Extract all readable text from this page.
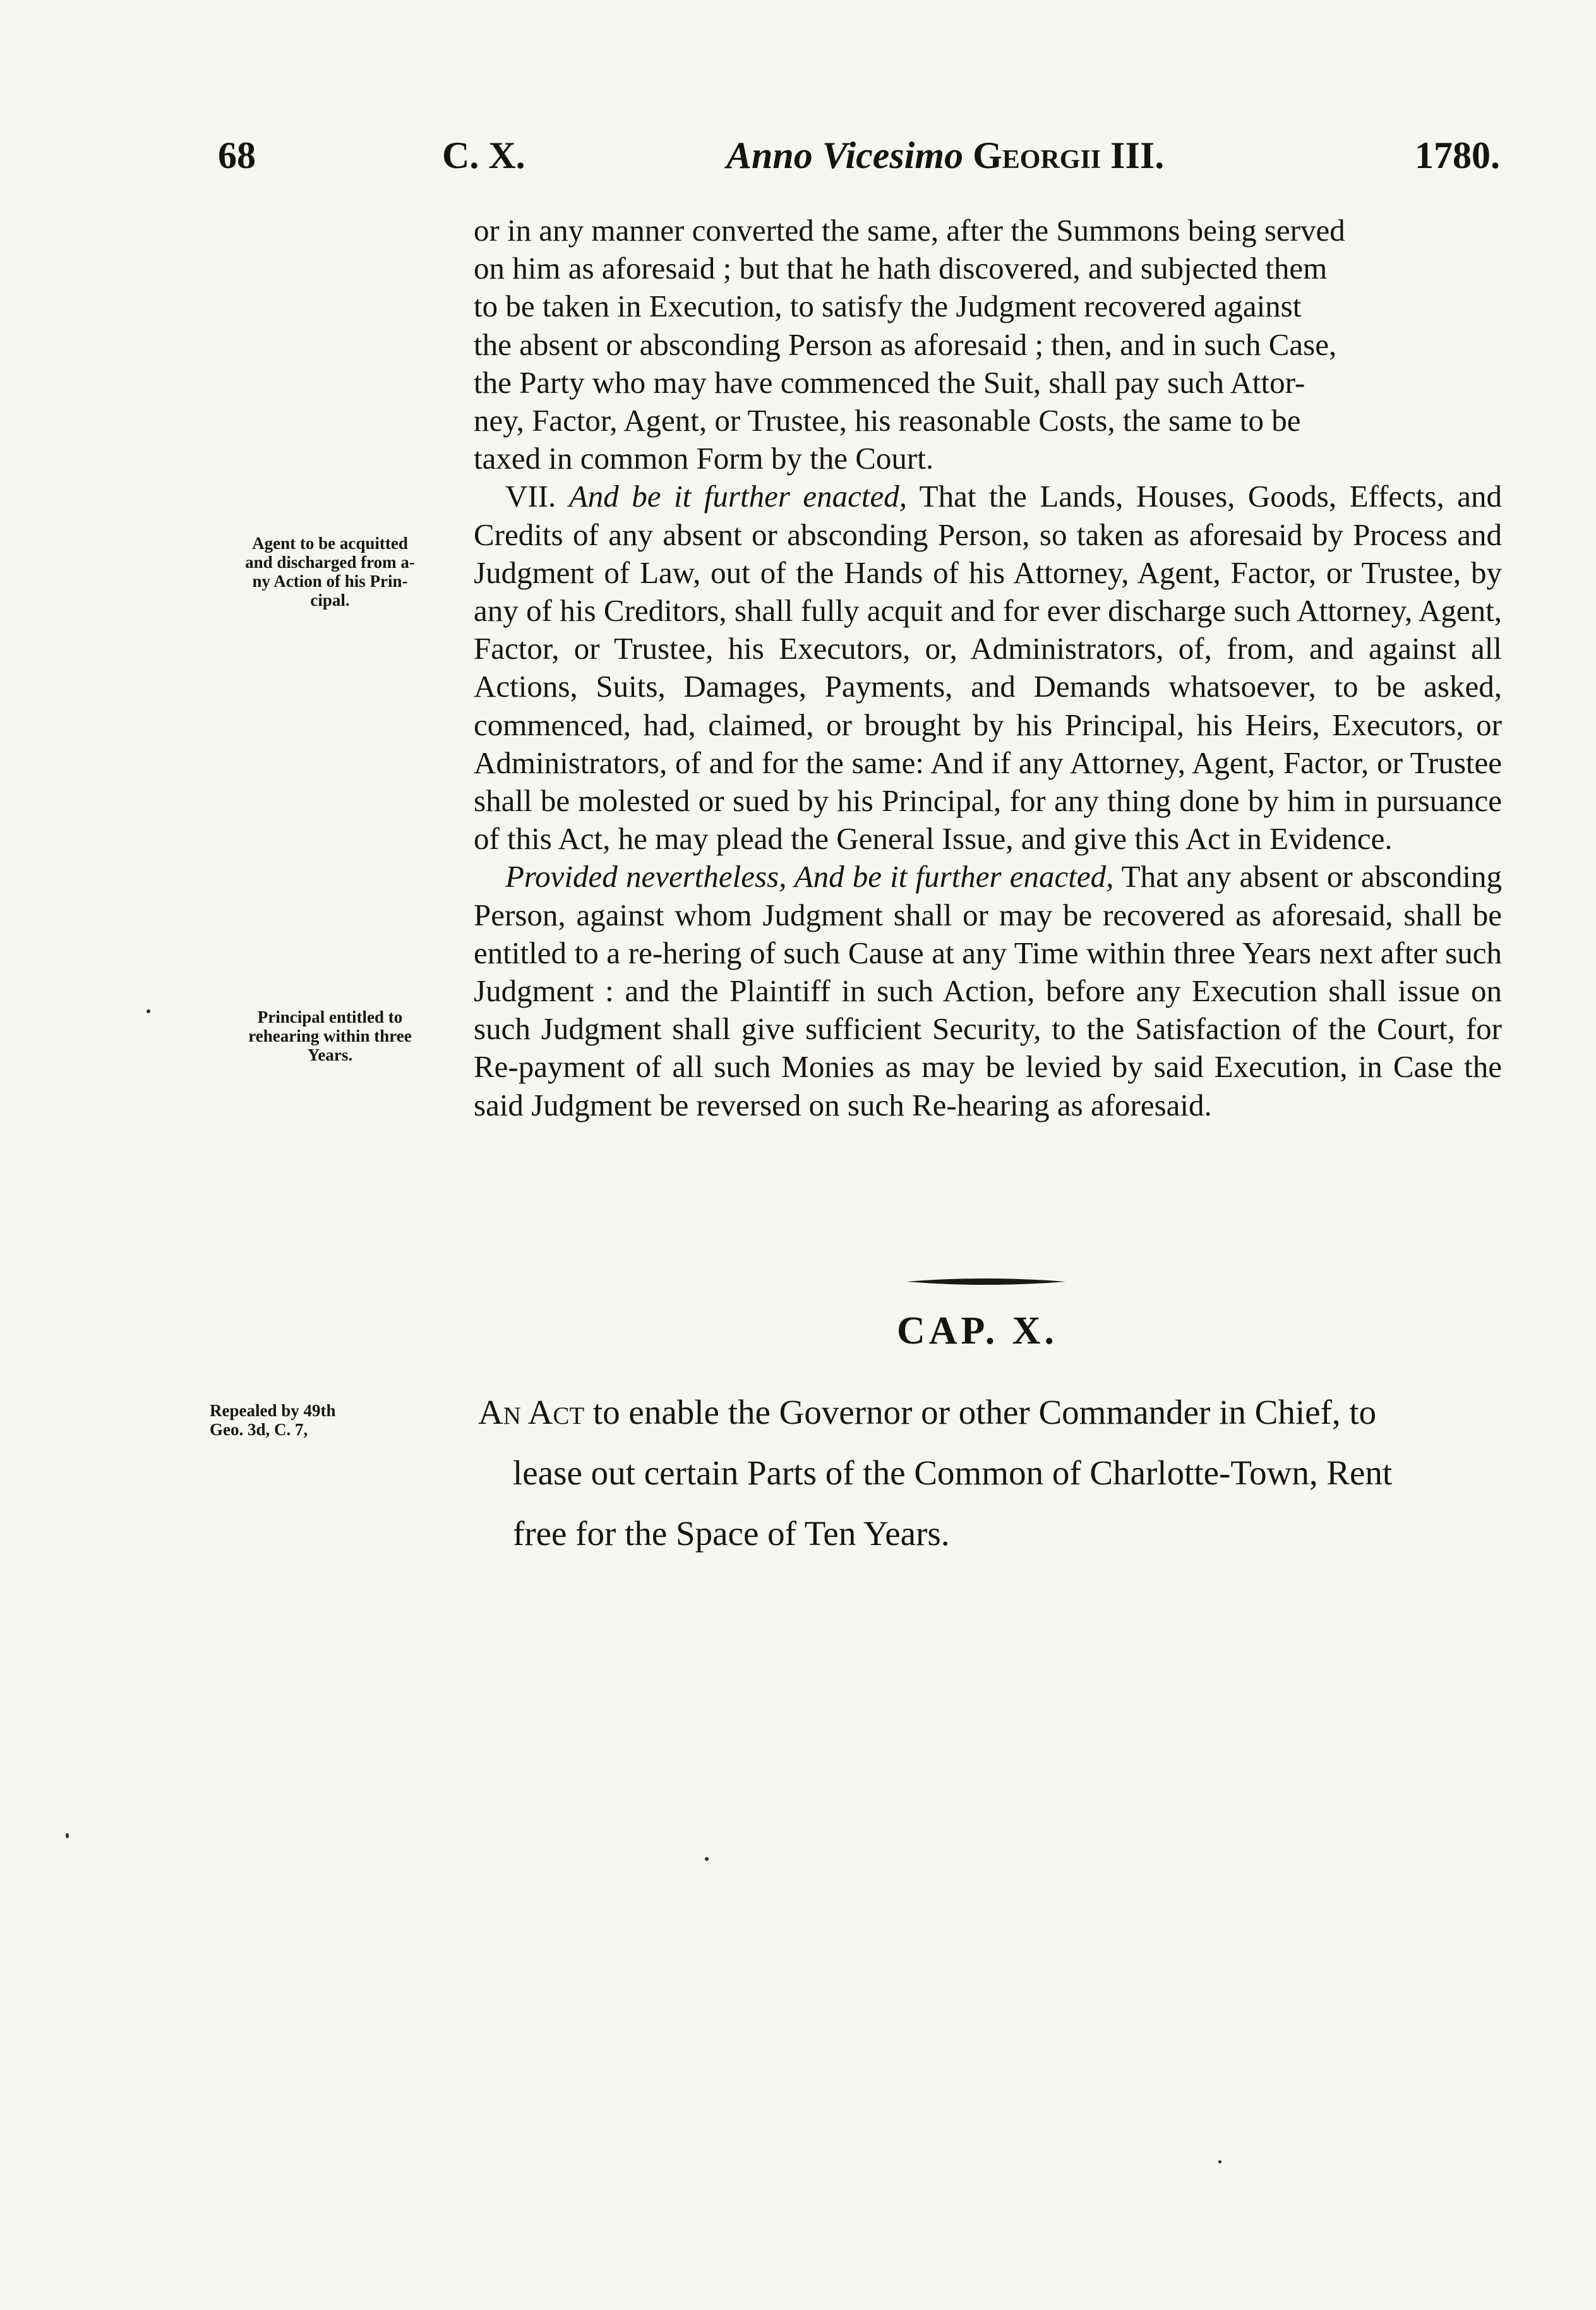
68	C. X.	Anno Vicesimo Georgii III.	1780.
or in any manner converted the same, after the Summons being served
on him as aforesaid ; but that he hath discovered, and subjected them
to be taken in Execution, to satisfy the Judgment recovered against
the absent or absconding Person as aforesaid ; then, and in such Case,
the Party who may have commenced the Suit, shall pay such Attor-
ney, Factor, Agent, or Trustee, his reasonable Costs, the same to be
taxed in common Form by the Court.

VII. And be it further enacted, That the Lands, Houses, Goods, Effects, and Credits of any absent or absconding Person, so taken as aforesaid by Process and Judgment of Law, out of the Hands of his Attorney, Agent, Factor, or Trustee, by any of his Creditors, shall fully acquit and for ever discharge such Attorney, Agent, Factor, or Trustee, his Executors, or, Administrators, of, from, and against all Actions, Suits, Damages, Payments, and Demands whatsoever, to be asked, commenced, had, claimed, or brought by his Principal, his Heirs, Executors, or Administrators, of and for the same: And if any Attorney, Agent, Factor, or Trustee shall be molested or sued by his Principal, for any thing done by him in pursuance of this Act, he may plead the General Issue, and give this Act in Evidence.

Provided nevertheless, And be it further enacted, That any absent or absconding Person, against whom Judgment shall or may be recovered as aforesaid, shall be entitled to a re-hering of such Cause at any Time within three Years next after such Judgment : and the Plaintiff in such Action, before any Execution shall issue on such Judgment shall give sufficient Security, to the Satisfaction of the Court, for Re-payment of all such Monies as may be levied by said Execution, in Case the said Judgment be reversed on such Re-hearing as aforesaid.

Agent to be acquitted
and discharged from a-
ny Action of his Prin-
cipal.
Principal entitled to
rehearing within three
Years.
Repealed by 49th
Geo. 3d, C. 7,
CAP. X.
An Act to enable the Governor or other Commander in Chief, to
lease out certain Parts of the Common of Charlotte-Town, Rent
free for the Space of Ten Years.
